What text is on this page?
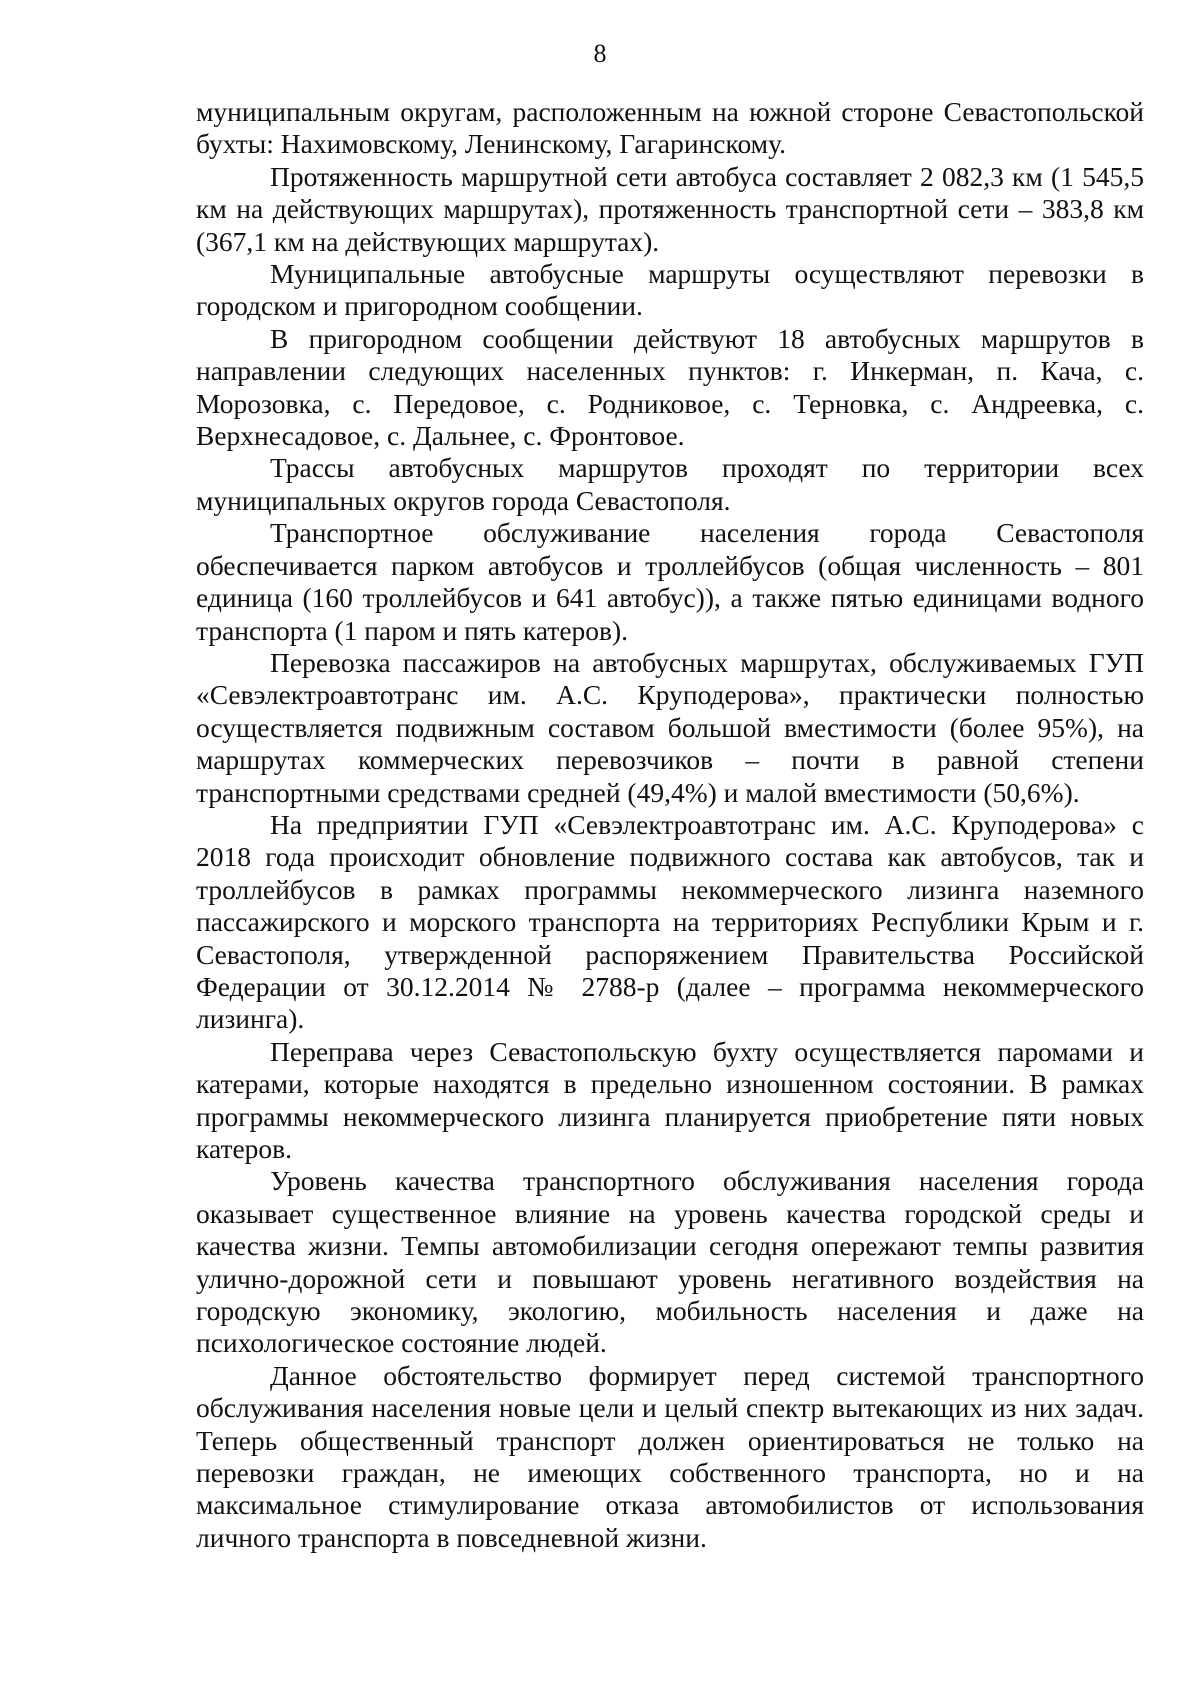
8

муниципальным округам, расположенным на южной стороне Севастопольской бухты: Нахимовскому, Ленинскому, Гагаринскому.

Протяженность маршрутной сети автобуса составляет 2 082,3 км (1 545,5 км на действующих маршрутах), протяженность транспортной сети – 383,8 км (367,1 км на действующих маршрутах).

Муниципальные автобусные маршруты осуществляют перевозки в городском и пригородном сообщении.

В пригородном сообщении действуют 18 автобусных маршрутов в направлении следующих населенных пунктов: г. Инкерман, п. Кача, с. Морозовка, с. Передовое, с. Родниковое, с. Терновка, с. Андреевка, с. Верхнесадовое, с. Дальнее, с. Фронтовое.

Трассы автобусных маршрутов проходят по территории всех муниципальных округов города Севастополя.

Транспортное обслуживание населения города Севастополя обеспечивается парком автобусов и троллейбусов (общая численность – 801 единица (160 троллейбусов и 641 автобус)), а также пятью единицами водного транспорта (1 паром и пять катеров).

Перевозка пассажиров на автобусных маршрутах, обслуживаемых ГУП «Севэлектроавтотранс им. А.С. Круподерова», практически полностью осуществляется подвижным составом большой вместимости (более 95%), на маршрутах коммерческих перевозчиков – почти в равной степени транспортными средствами средней (49,4%) и малой вместимости (50,6%).

На предприятии ГУП «Севэлектроавтотранс им. А.С. Круподерова» с 2018 года происходит обновление подвижного состава как автобусов, так и троллейбусов в рамках программы некоммерческого лизинга наземного пассажирского и морского транспорта на территориях Республики Крым и г. Севастополя, утвержденной распоряжением Правительства Российской Федерации от 30.12.2014 № 2788-р (далее – программа некоммерческого лизинга).

Переправа через Севастопольскую бухту осуществляется паромами и катерами, которые находятся в предельно изношенном состоянии. В рамках программы некоммерческого лизинга планируется приобретение пяти новых катеров.

Уровень качества транспортного обслуживания населения города оказывает существенное влияние на уровень качества городской среды и качества жизни. Темпы автомобилизации сегодня опережают темпы развития улично-дорожной сети и повышают уровень негативного воздействия на городскую экономику, экологию, мобильность населения и даже на психологическое состояние людей.

Данное обстоятельство формирует перед системой транспортного обслуживания населения новые цели и целый спектр вытекающих из них задач. Теперь общественный транспорт должен ориентироваться не только на перевозки граждан, не имеющих собственного транспорта, но и на максимальное стимулирование отказа автомобилистов от использования личного транспорта в повседневной жизни.
